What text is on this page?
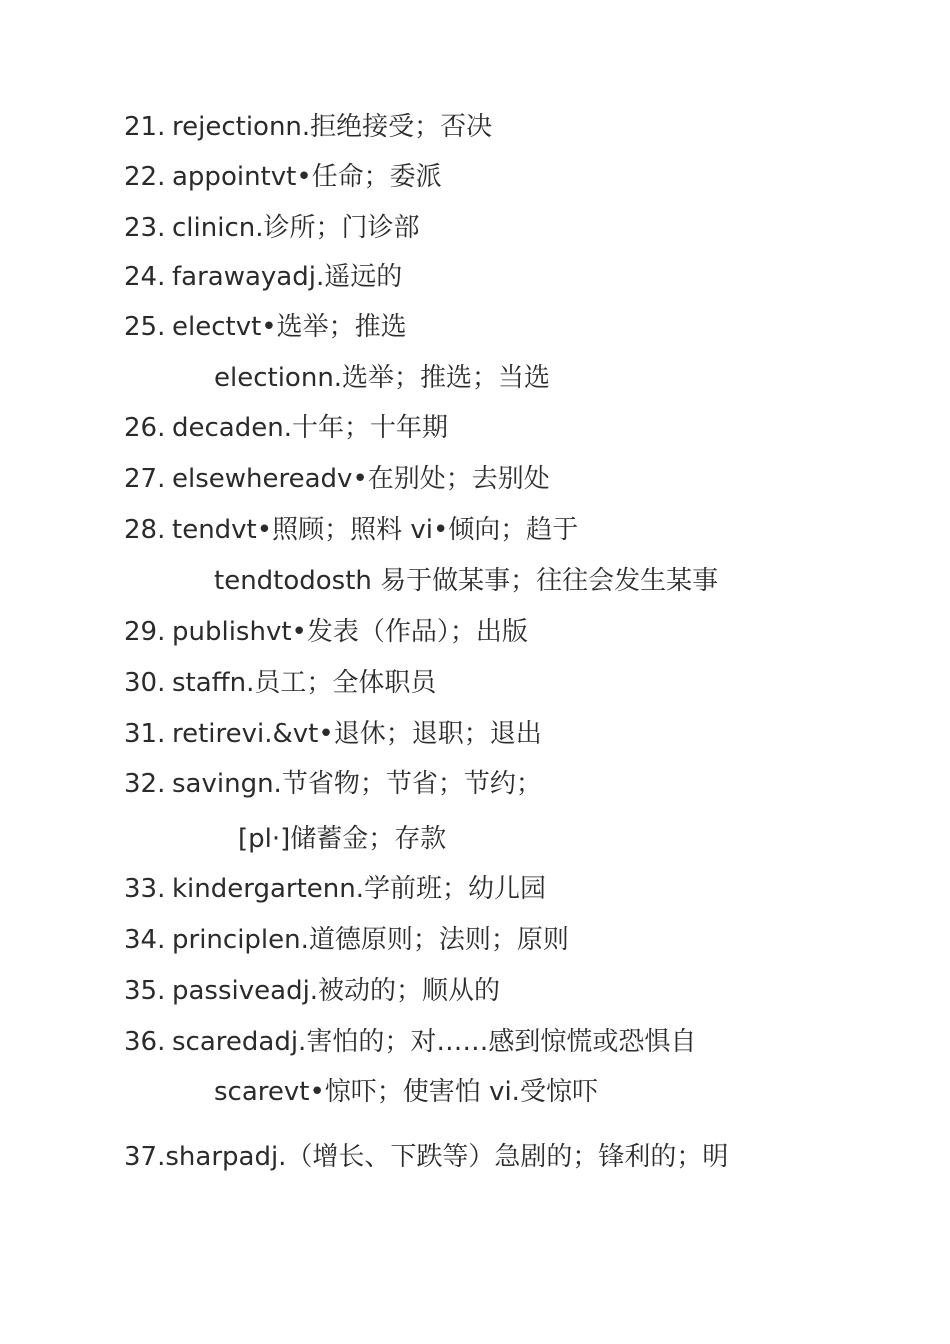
21. rejectionn.拒绝接受；否决
22. appointvt•任命；委派
23. clinicn.诊所；门诊部
24. farawayadj.遥远的
25. electvt•选举；推选
electionn.选举；推选；当选
26. decaden.十年；十年期
27. elsewhereadv•在别处；去别处
28. tendvt•照顾；照料 vi•倾向；趋于
tendtodosth 易于做某事；往往会发生某事
29. publishvt•发表（作品）；出版
30. staffn.员工；全体职员
31. retirevi.&vt•退休；退职；退出
32. savingn.节省物；节省；节约；
[pl·]储蓄金；存款
33. kindergartenn.学前班；幼儿园
34. principlen.道德原则；法则；原则
35. passiveadj.被动的；顺从的
36. scaredadj.害怕的；对……感到惊慌或恐惧自
scarevt•惊吓；使害怕 vi.受惊吓
37.sharpadj.（增长、下跌等）急剧的；锋利的；明
